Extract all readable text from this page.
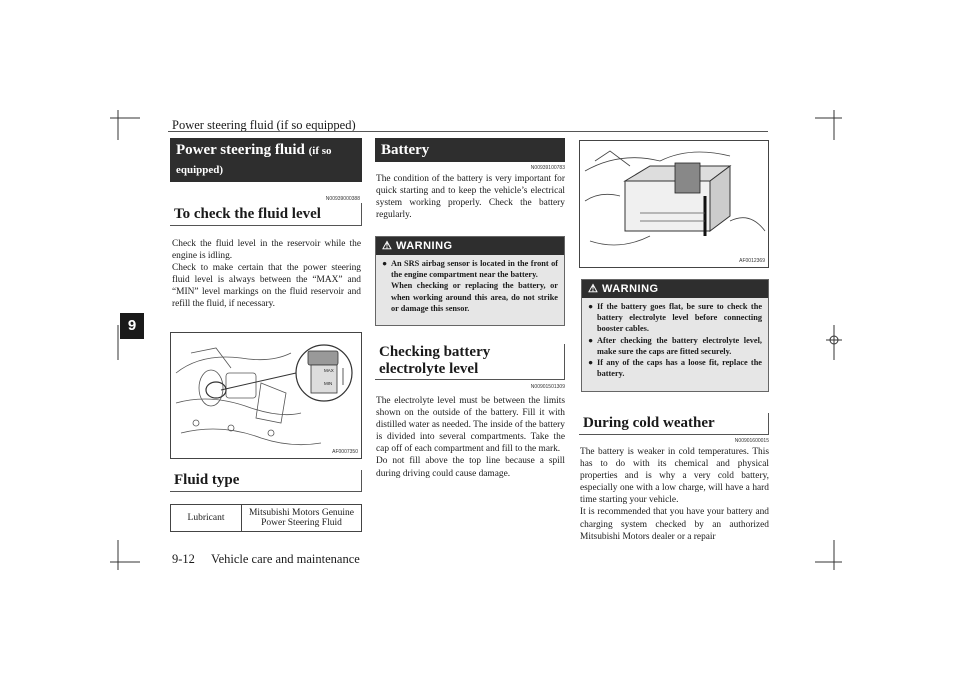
Power steering fluid (if so equipped)
9
9-12 Vehicle care and maintenance
Power steering fluid (if so
equipped)
N00939000388
To check the fluid level
Check the fluid level in the reservoir while the engine is idling.
Check to make certain that the power steering fluid level is always between the “MAX” and “MIN” level markings on the fluid reservoir and refill the fluid, if necessary.
MAX
MIN
AF0007350
Fluid type
Lubricant	Mitsubishi Motors Genuine Power Steering Fluid
Battery
N00939100783
The condition of the battery is very important for quick starting and to keep the vehicle’s electrical system working properly. Check the battery regularly.
⚠ WARNING
● An SRS airbag sensor is located in the front of the engine compartment near the battery.
When checking or replacing the battery, or when working around this area, do not strike or damage this sensor.
Checking battery electrolyte level
N00901501309
The electrolyte level must be between the limits shown on the outside of the battery. Fill it with distilled water as needed. The inside of the battery is divided into several compartments. Take the cap off of each compartment and fill to the mark.
Do not fill above the top line because a spill during driving could cause damage.
AF0012369
⚠ WARNING
● If the battery goes flat, be sure to check the battery electrolyte level before connecting booster cables.
● After checking the battery electrolyte level, make sure the caps are fitted securely.
● If any of the caps has a loose fit, replace the battery.
During cold weather
N00901600015
The battery is weaker in cold temperatures. This has to do with its chemical and physical properties and is why a very cold battery, especially one with a low charge, will have a hard time starting your vehicle.
It is recommended that you have your battery and charging system checked by an authorized Mitsubishi Motors dealer or a repair
